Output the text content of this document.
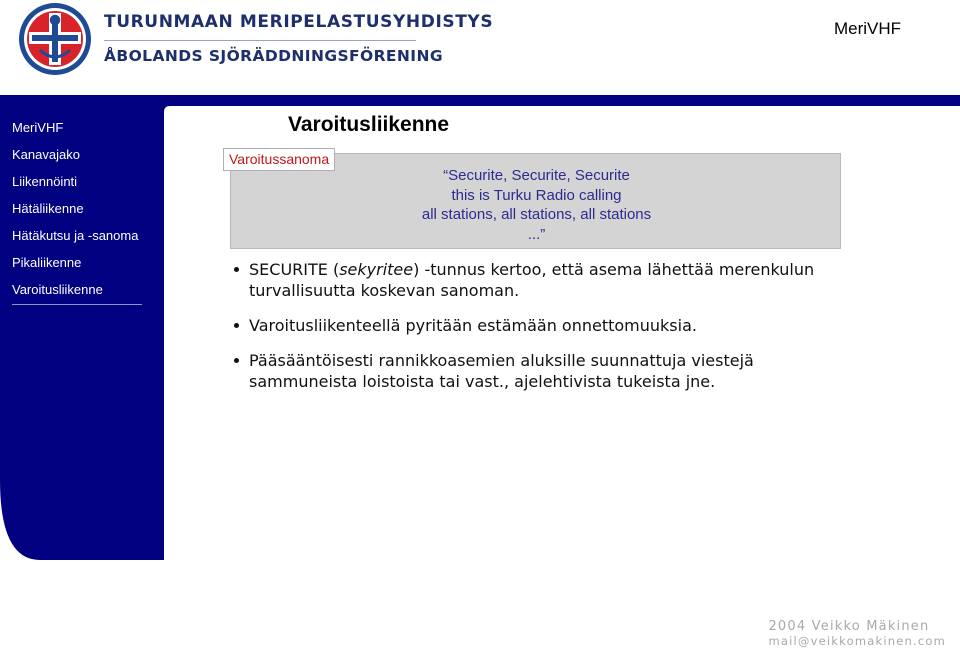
TURUNMAAN MERIPELASTUSYHDISTYS
ÅBOLANDS SJÖRÄDDNINGSFÖRENING
MeriVHF
MeriVHF
Kanavajako
Liikennöinti
Hätäliikenne
Hätäkutsu ja -sanoma
Pikaliikenne
Varoitusliikenne
Varoitusliikenne
“Securite, Securite, Securite
this is Turku Radio calling
all stations, all stations, all stations
...”
Varoitussanoma
SECURITE (sekyritee) -tunnus kertoo, että asema lähettää merenkulun turvallisuutta koskevan sanoman.
Varoitusliikenteellä pyritään estämään onnettomuuksia.
Pääsääntöisesti rannikkoasemien aluksille suunnattuja viestejä sammuneista loistoista tai vast., ajelehtivista tukeista jne.
2004 Veikko Mäkinen
mail@veikkomakinen.com
